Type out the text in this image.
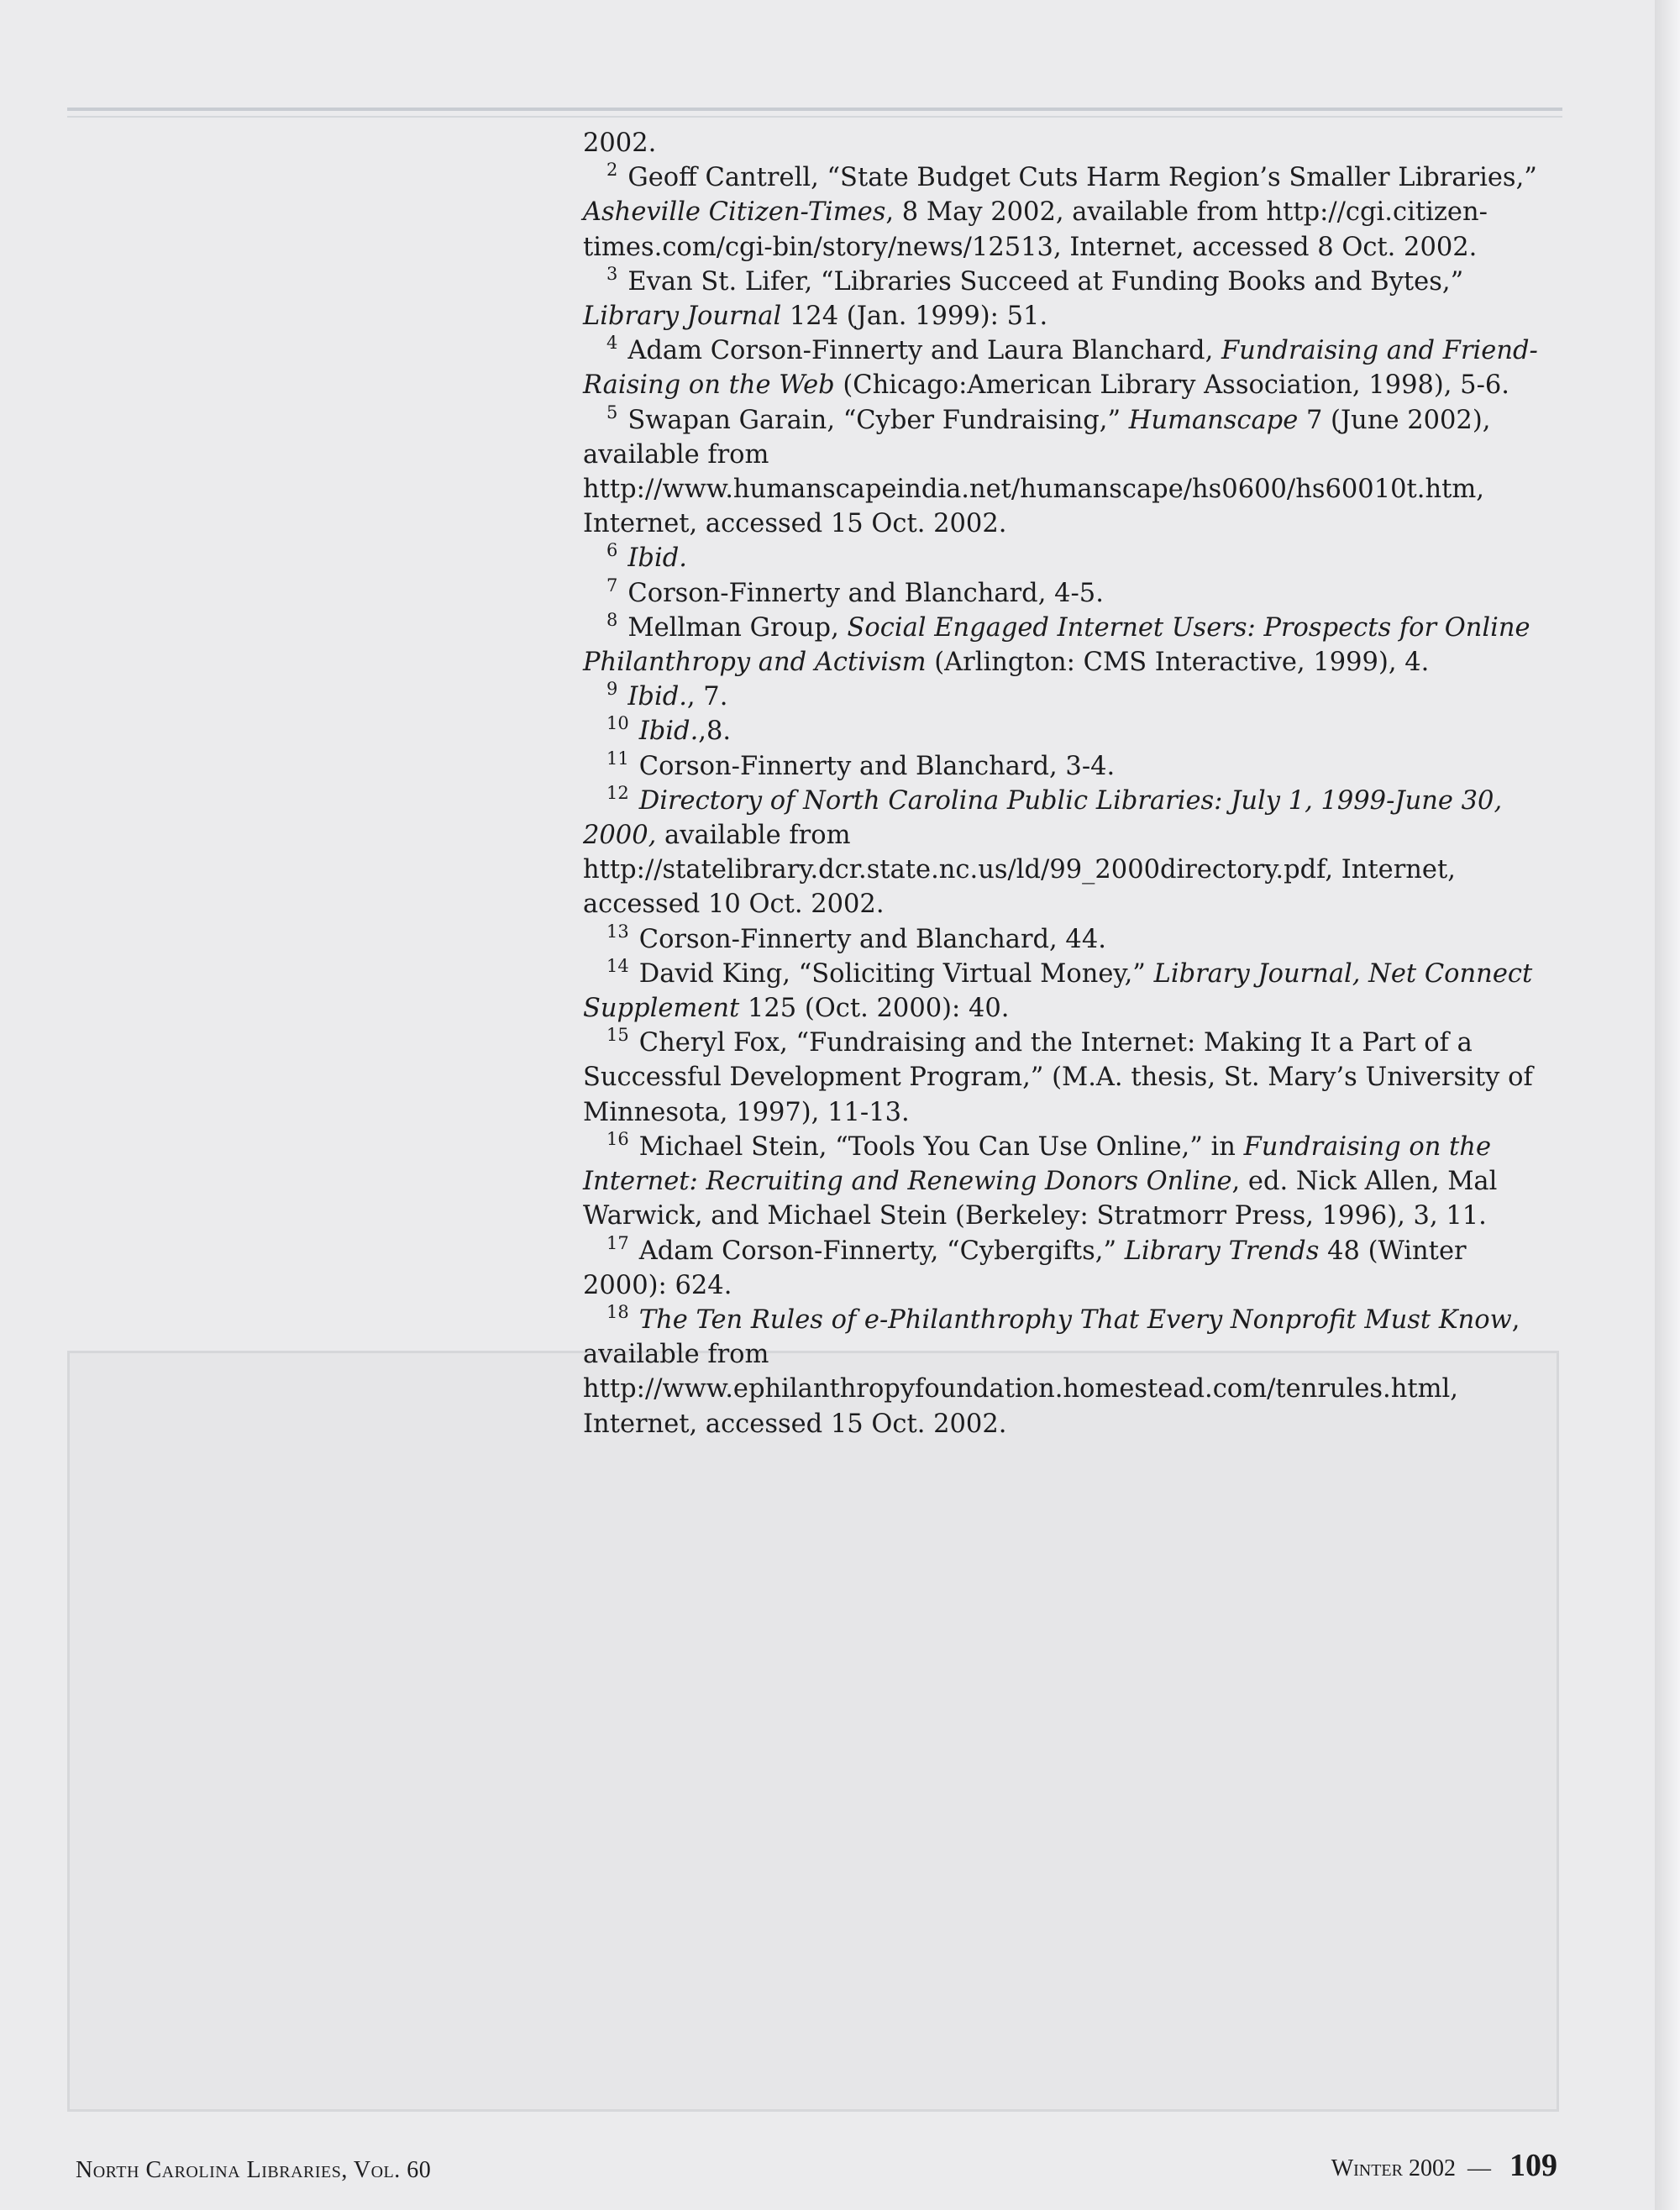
2002.

2 Geoff Cantrell, “State Budget Cuts Harm Region’s Smaller Libraries,” Asheville Citizen-Times, 8 May 2002, available from http://cgi.citizen-times.com/cgi-bin/story/news/12513, Internet, accessed 8 Oct. 2002.

3 Evan St. Lifer, “Libraries Succeed at Funding Books and Bytes,” Library Journal 124 (Jan. 1999): 51.

4 Adam Corson-Finnerty and Laura Blanchard, Fundraising and Friend-Raising on the Web (Chicago:American Library Association, 1998), 5-6.

5 Swapan Garain, “Cyber Fundraising,” Humanscape 7 (June 2002), available from http://www.humanscapeindia.net/humanscape/hs0600/hs60010t.htm, Internet, accessed 15 Oct. 2002.

6 Ibid.

7 Corson-Finnerty and Blanchard, 4-5.

8 Mellman Group, Social Engaged Internet Users: Prospects for Online Philanthropy and Activism (Arlington: CMS Interactive, 1999), 4.

9 Ibid., 7.

10 Ibid.,8.

11 Corson-Finnerty and Blanchard, 3-4.

12 Directory of North Carolina Public Libraries: July 1, 1999-June 30, 2000, available from http://statelibrary.dcr.state.nc.us/ld/99_2000directory.pdf, Internet, accessed 10 Oct. 2002.

13 Corson-Finnerty and Blanchard, 44.

14 David King, “Soliciting Virtual Money,” Library Journal, Net Connect Supplement 125 (Oct. 2000): 40.

15 Cheryl Fox, “Fundraising and the Internet: Making It a Part of a Successful Development Program,” (M.A. thesis, St. Mary’s University of Minnesota, 1997), 11-13.

16 Michael Stein, “Tools You Can Use Online,” in Fundraising on the Internet: Recruiting and Renewing Donors Online, ed. Nick Allen, Mal Warwick, and Michael Stein (Berkeley: Stratmorr Press, 1996), 3, 11.

17 Adam Corson-Finnerty, “Cybergifts,” Library Trends 48 (Winter 2000): 624.

18 The Ten Rules of e-Philanthrophy That Every Nonprofit Must Know, available from http://www.ephilanthropyfoundation.homestead.com/tenrules.html, Internet, accessed 15 Oct. 2002.

North Carolina Libraries, Vol. 60	Winter 2002 — 109
